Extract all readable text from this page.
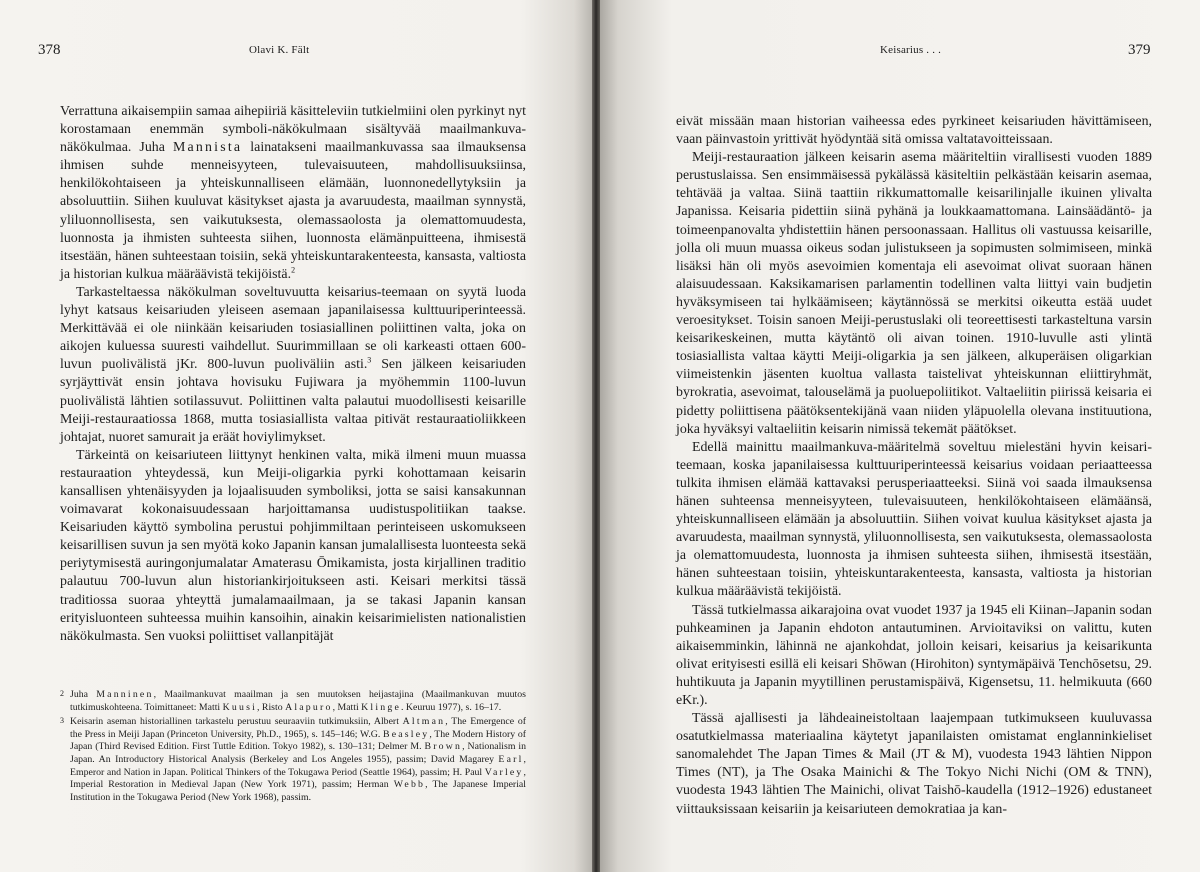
378	Olavi K. Fält

Verrattuna aikaisempiin samaa aihepiiriä käsitteleviin tutkielmiini olen pyrkinyt nyt korostamaan enemmän symboli-näkökulmaan sisältyvää maailmankuva-näkökulmaa. Juha Mannista lainatakseni maailmankuvassa saa ilmauksensa ihmisen suhde menneisyyteen, tulevaisuuteen, mahdollisuuksiinsa, henkilökohtaiseen ja yhteiskunnalliseen elämään, luonnonedellytyksiin ja absoluuttiin. Siihen kuuluvat käsitykset ajasta ja avaruudesta, maailman synnystä, yliluonnollisesta, sen vaikutuksesta, olemassaolosta ja olemattomuudesta, luonnosta ja ihmisten suhteesta siihen, luonnosta elämänpuitteena, ihmisestä itsestään, hänen suhteestaan toisiin, sekä yhteiskuntarakenteesta, kansasta, valtiosta ja historian kulkua määräävistä tekijöistä.$^2$

Tarkasteltaessa näkökulman soveltuvuutta keisarius-teemaan on syytä luoda lyhyt katsaus keisariuden yleiseen asemaan japanilaisessa kulttuuriperinteessä. Merkittävää ei ole niinkään keisariuden tosiasiallinen poliittinen valta, joka on aikojen kuluessa suuresti vaihdellut. Suurimmillaan se oli karkeasti ottaen 600-luvun puolivälistä jKr. 800-luvun puoliväliin asti.$^3$ Sen jälkeen keisariuden syrjäyttivät ensin johtava hovisuku Fujiwara ja myöhemmin 1100-luvun puolivälistä lähtien sotilassuvut. Poliittinen valta palautui muodollisesti keisarille Meiji-restauraatiossa 1868, mutta tosiasiallista valtaa pitivät restauraatioliikkeen johtajat, nuoret samurait ja eräät hoviylimykset.

Tärkeintä on keisariuteen liittynyt henkinen valta, mikä ilmeni muun muassa restauraation yhteydessä, kun Meiji-oligarkia pyrki kohottamaan keisarin kansallisen yhtenäisyyden ja lojaalisuuden symboliksi, jotta se saisi kansakunnan voimavarat kokonaisuudessaan harjoittamansa uudistuspolitiikan taakse. Keisariuden käyttö symbolina perustui pohjimmiltaan perinteiseen uskomukseen keisarillisen suvun ja sen myötä koko Japanin kansan jumalallisesta luonteesta sekä periytymisestä auringonjumalatar Amaterasu Ōmikamista, josta kirjallinen traditio palautuu 700-luvun alun historiankirjoitukseen asti. Keisari merkitsi tässä traditiossa suoraa yhteyttä jumalamaailmaan, ja se takasi Japanin kansan erityisluonteen suhteessa muihin kansoihin, ainakin keisarimielisten nationalistien näkökulmasta. Sen vuoksi poliittiset vallanpitäjät

2 Juha Manninen, Maailmankuvat maailman ja sen muutoksen heijastajina (Maailmankuvan muutos tutkimuskohteena. Toimittaneet: Matti Kuusi, Risto Alapuro, Matti Klinge. Keuruu 1977), s. 16–17.

3 Keisarin aseman historiallinen tarkastelu perustuu seuraaviin tutkimuksiin, Albert Altman, The Emergence of the Press in Meiji Japan (Princeton University, Ph.D., 1965), s. 145–146; W.G. Beasley, The Modern History of Japan (Third Revised Edition. First Tuttle Edition. Tokyo 1982), s. 130–131; Delmer M. Brown, Nationalism in Japan. An Introductory Historical Analysis (Berkeley and Los Angeles 1955), passim; David Magarey Earl, Emperor and Nation in Japan. Political Thinkers of the Tokugawa Period (Seattle 1964), passim; H. Paul Varley, Imperial Restoration in Medieval Japan (New York 1971), passim; Herman Webb, The Japanese Imperial Institution in the Tokugawa Period (New York 1968), passim.

Keisarius . . .	379

eivät missään maan historian vaiheessa edes pyrkineet keisariuden hävittämiseen, vaan päinvastoin yrittivät hyödyntää sitä omissa valtatavoitteissaan.

Meiji-restauraation jälkeen keisarin asema määriteltiin virallisesti vuoden 1889 perustuslaissa. Sen ensimmäisessä pykälässä käsiteltiin pelkästään keisarin asemaa, tehtävää ja valtaa. Siinä taattiin rikkumattomalle keisarilinjalle ikuinen ylivalta Japanissa. Keisaria pidettiin siinä pyhänä ja loukkaamattomana. Lainsäädäntö- ja toimeenpanovalta yhdistettiin hänen persoonassaan. Hallitus oli vastuussa keisarille, jolla oli muun muassa oikeus sodan julistukseen ja sopimusten solmimiseen, minkä lisäksi hän oli myös asevoimien komentaja eli asevoimat olivat suoraan hänen alaisuudessaan. Kaksikamarisen parlamentin todellinen valta liittyi vain budjetin hyväksymiseen tai hylkäämiseen; käytännössä se merkitsi oikeutta estää uudet veroesitykset. Toisin sanoen Meiji-perustuslaki oli teoreettisesti tarkasteltuna varsin keisarikeskeinen, mutta käytäntö oli aivan toinen. 1910-luvulle asti ylintä tosiasiallista valtaa käytti Meiji-oligarkia ja sen jälkeen, alkuperäisen oligarkian viimeistenkin jäsenten kuoltua vallasta taistelivat yhteiskunnan eliittiryhmät, byrokratia, asevoimat, talouselämä ja puoluepoliitikot. Valtaeliitin piirissä keisaria ei pidetty poliittisena päätöksentekijänä vaan niiden yläpuolella olevana instituutiona, joka hyväksyi valtaeliitin keisarin nimissä tekemät päätökset.

Edellä mainittu maailmankuva-määritelmä soveltuu mielestäni hyvin keisari-teemaan, koska japanilaisessa kulttuuriperinteessä keisarius voidaan periaatteessa tulkita ihmisen elämää kattavaksi perusperiaatteeksi. Siinä voi saada ilmauksensa hänen suhteensa menneisyyteen, tulevaisuuteen, henkilökohtaiseen elämäänsä, yhteiskunnalliseen elämään ja absoluuttiin. Siihen voivat kuulua käsitykset ajasta ja avaruudesta, maailman synnystä, yliluonnollisesta, sen vaikutuksesta, olemassaolosta ja olemattomuudesta, luonnosta ja ihmisen suhteesta siihen, ihmisestä itsestään, hänen suhteestaan toisiin, yhteiskuntarakenteesta, kansasta, valtiosta ja historian kulkua määräävistä tekijöistä.

Tässä tutkielmassa aikarajoina ovat vuodet 1937 ja 1945 eli Kiinan–Japanin sodan puhkeaminen ja Japanin ehdoton antautuminen. Arvioitaviksi on valittu, kuten aikaisemminkin, lähinnä ne ajankohdat, jolloin keisari, keisarius ja keisarikunta olivat erityisesti esillä eli keisari Shōwan (Hirohiton) syntymäpäivä Tenchōsetsu, 29. huhtikuuta ja Japanin myytillinen perustamispäivä, Kigensetsu, 11. helmikuuta (660 eKr.).

Tässä ajallisesti ja lähdeaineistoltaan laajempaan tutkimukseen kuuluvassa osatutkielmassa materiaalina käytetyt japanilaisten omistamat englanninkieliset sanomalehdet The Japan Times & Mail (JT & M), vuodesta 1943 lähtien Nippon Times (NT), ja The Osaka Mainichi & The Tokyo Nichi Nichi (OM & TNN), vuodesta 1943 lähtien The Mainichi, olivat Taishō-kaudella (1912–1926) edustaneet viittauksissaan keisariin ja keisariuteen demokratiaa ja kan-
